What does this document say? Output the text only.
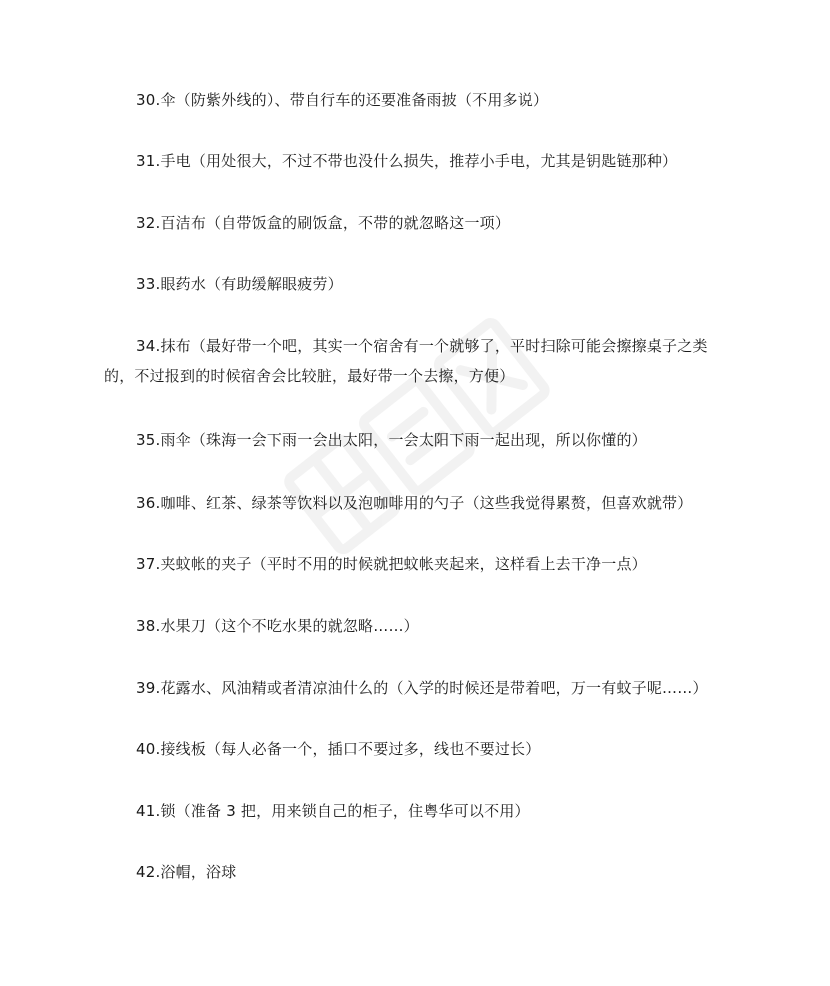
30.伞（防紫外线的）、带自行车的还要准备雨披（不用多说）

31.手电（用处很大，不过不带也没什么损失，推荐小手电，尤其是钥匙链那种）

32.百洁布（自带饭盒的刷饭盒，不带的就忽略这一项）

33.眼药水（有助缓解眼疲劳）

34.抹布（最好带一个吧，其实一个宿舍有一个就够了，平时扫除可能会擦擦桌子之类
的，不过报到的时候宿舍会比较脏，最好带一个去擦，方便）

35.雨伞（珠海一会下雨一会出太阳，一会太阳下雨一起出现，所以你懂的）

36.咖啡、红茶、绿茶等饮料以及泡咖啡用的勺子（这些我觉得累赘，但喜欢就带）

37.夹蚊帐的夹子（平时不用的时候就把蚊帐夹起来，这样看上去干净一点）

38.水果刀（这个不吃水果的就忽略……）

39.花露水、风油精或者清凉油什么的（入学的时候还是带着吧，万一有蚊子呢……）

40.接线板（每人必备一个，插口不要过多，线也不要过长）

41.锁（准备 3 把，用来锁自己的柜子，住粤华可以不用）

42.浴帽，浴球
